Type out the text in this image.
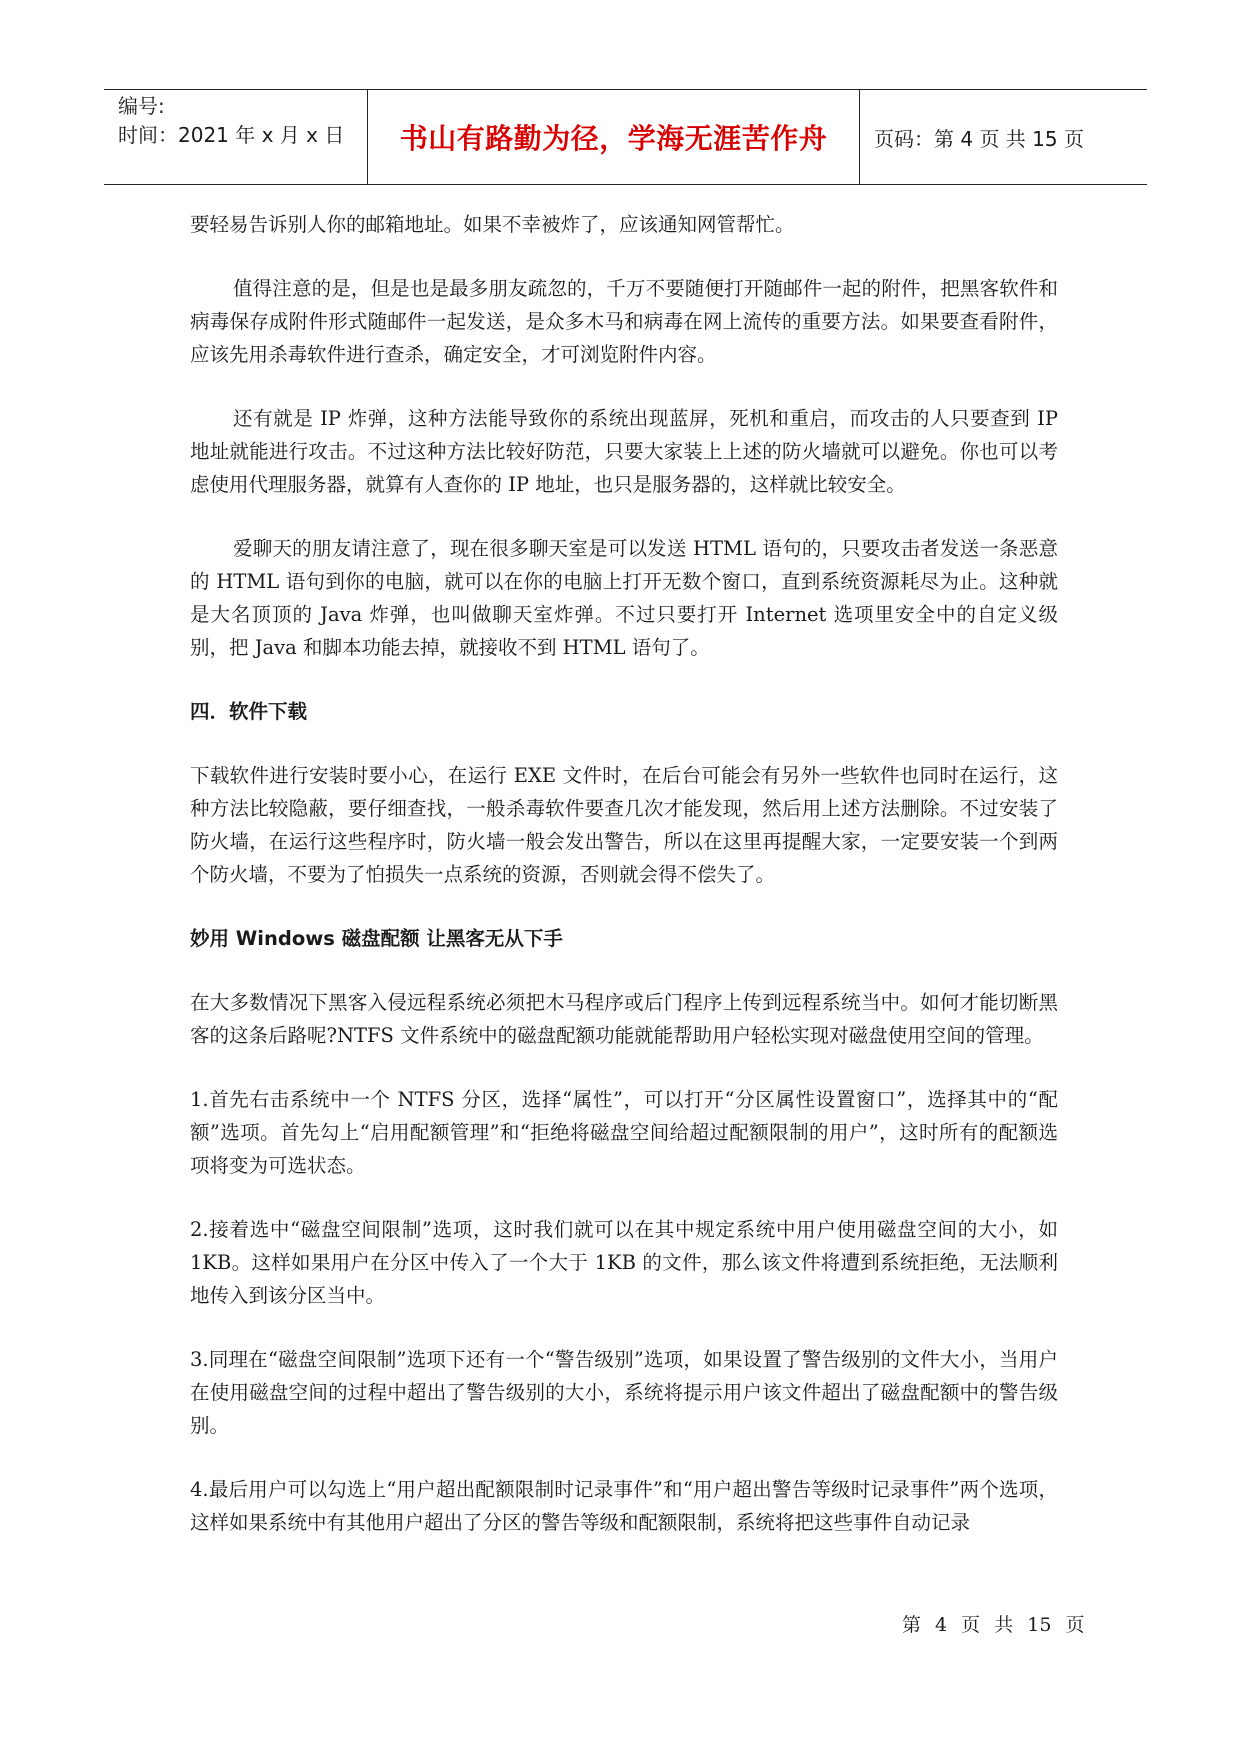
编号:
时间：2021 年 x 月 x 日	书山有路勤为径，学海无涯苦作舟 页码：第 4 页 共 15 页

要轻易告诉别人你的邮箱地址。如果不幸被炸了，应该通知网管帮忙。

值得注意的是，但是也是最多朋友疏忽的，千万不要随便打开随邮件一起的附件，把黑客软件和病毒保存成附件形式随邮件一起发送，是众多木马和病毒在网上流传的重要方法。如果要查看附件，应该先用杀毒软件进行查杀，确定安全，才可浏览附件内容。

还有就是 IP 炸弹，这种方法能导致你的系统出现蓝屏，死机和重启，而攻击的人只要查到 IP 地址就能进行攻击。不过这种方法比较好防范，只要大家装上上述的防火墙就可以避免。你也可以考虑使用代理服务器，就算有人查你的 IP 地址，也只是服务器的，这样就比较安全。

爱聊天的朋友请注意了，现在很多聊天室是可以发送 HTML 语句的，只要攻击者发送一条恶意的 HTML 语句到你的电脑，就可以在你的电脑上打开无数个窗口，直到系统资源耗尽为止。这种就是大名顶顶的 Java 炸弹，也叫做聊天室炸弹。不过只要打开 Internet 选项里安全中的自定义级别，把 Java 和脚本功能去掉，就接收不到 HTML 语句了。

四．软件下载

下载软件进行安装时要小心，在运行 EXE 文件时，在后台可能会有另外一些软件也同时在运行，这种方法比较隐蔽，要仔细查找，一般杀毒软件要查几次才能发现，然后用上述方法删除。不过安装了防火墙，在运行这些程序时，防火墙一般会发出警告，所以在这里再提醒大家，一定要安装一个到两个防火墙，不要为了怕损失一点系统的资源，否则就会得不偿失了。

妙用 Windows 磁盘配额 让黑客无从下手

在大多数情况下黑客入侵远程系统必须把木马程序或后门程序上传到远程系统当中。如何才能切断黑客的这条后路呢?NTFS 文件系统中的磁盘配额功能就能帮助用户轻松实现对磁盘使用空间的管理。

1.首先右击系统中一个 NTFS 分区，选择“属性”，可以打开“分区属性设置窗口”，选择其中的“配额”选项。首先勾上“启用配额管理”和“拒绝将磁盘空间给超过配额限制的用户”，这时所有的配额选项将变为可选状态。

2.接着选中“磁盘空间限制”选项，这时我们就可以在其中规定系统中用户使用磁盘空间的大小，如 1KB。这样如果用户在分区中传入了一个大于 1KB 的文件，那么该文件将遭到系统拒绝，无法顺利地传入到该分区当中。

3.同理在“磁盘空间限制”选项下还有一个“警告级别”选项，如果设置了警告级别的文件大小，当用户在使用磁盘空间的过程中超出了警告级别的大小，系统将提示用户该文件超出了磁盘配额中的警告级别。

4.最后用户可以勾选上“用户超出配额限制时记录事件”和“用户超出警告等级时记录事件”两个选项，这样如果系统中有其他用户超出了分区的警告等级和配额限制，系统将把这些事件自动记录

第 4 页 共 15 页
